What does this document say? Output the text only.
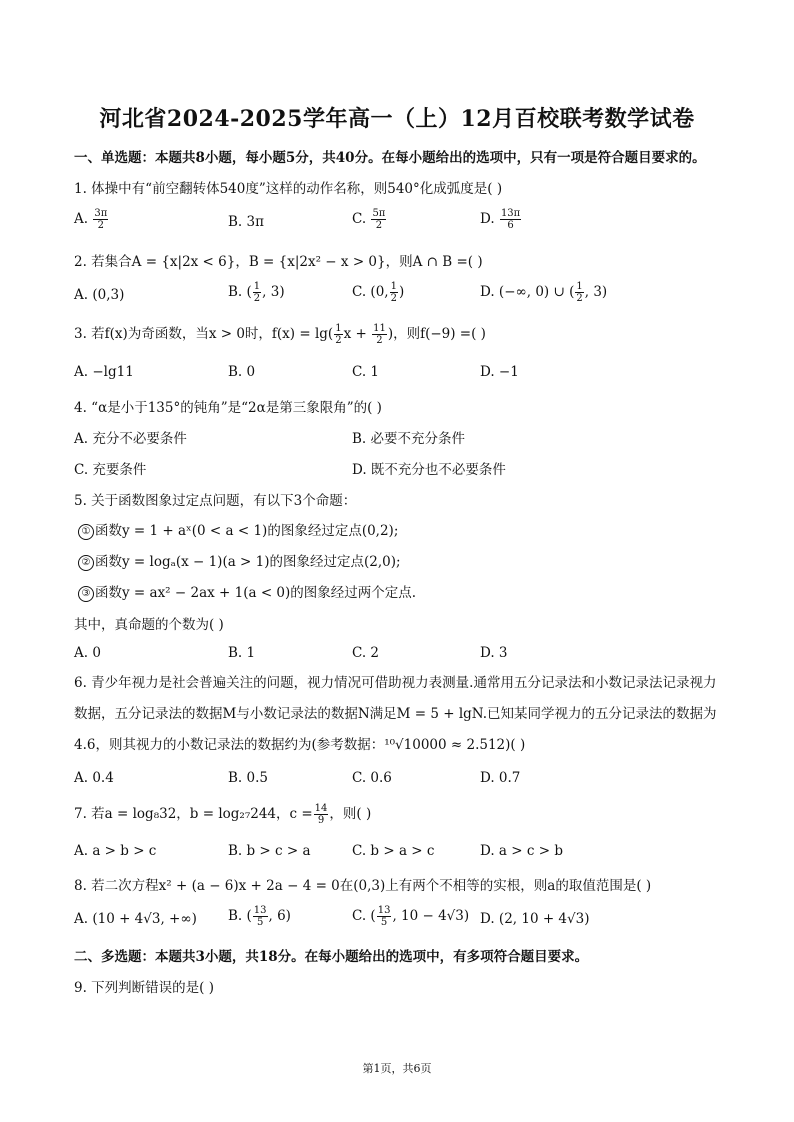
河北省2024-2025学年高一（上）12月百校联考数学试卷
一、单选题：本题共8小题，每小题5分，共40分。在每小题给出的选项中，只有一项是符合题目要求的。
1. 体操中有“前空翻转体540度”这样的动作名称，则540°化成弧度是( )
A. $\frac{3\pi}{2}$	B. 3π	C. $\frac{5\pi}{2}$	D. $\frac{13\pi}{6}$
2. 若集合A = {x|2x < 6}，B = {x|2x² − x > 0}，则A ∩ B =( )
A. (0,3)	B. ( $\frac{1}{2}$ , 3)	C. (0, $\frac{1}{2}$ )	D. (−∞, 0) ∪ ( $\frac{1}{2}$ , 3)
3. 若f(x)为奇函数，当x > 0时，$f(x) = \lg( \frac{1}{2}$ $x + \frac{11}{2}$ )，则f(−9) =( )
A. −lg11	B. 0	C. 1	D. −1
4. “α是小于135°的钝角”是“2α是第三象限角”的( )
A. 充分不必要条件	B. 必要不充分条件
C. 充要条件	D. 既不充分也不必要条件
5. 关于函数图象过定点问题，有以下3个命题：
① 函数y = 1 + aˣ(0 < a < 1)的图象经过定点(0,2);
② 函数y = logₐ(x − 1)(a > 1)的图象经过定点(2,0);
③ 函数y = ax² − 2ax + 1(a < 0)的图象经过两个定点.
其中，真命题的个数为( )
A. 0	B. 1	C. 2	D. 3
6. 青少年视力是社会普遍关注的问题，视力情况可借助视力表测量.通常用五分记录法和小数记录法记录视力数据，五分记录法的数据M与小数记录法的数据N满足M = 5 + lgN.已知某同学视力的五分记录法的数据为4.6，则其视力的小数记录法的数据约为(参考数据：¹⁰√10000 ≈ 2.512)( )
A. 0.4	B. 0.5	C. 0.6	D. 0.7
7. 若a = log₈32，b = log₂₇244，$c = \frac{14}{9}$ ，则( )
A. a > b > c	B. b > c > a	C. b > a > c	D. a > c > b
8. 若二次方程x² + (a − 6)x + 2a − 4 = 0在(0,3)上有两个不相等的实根，则a的取值范围是( )
A. (10 + 4√3, +∞) B. ( $\frac{13}{5}$ , 6)	C. ( $\frac{13}{5}$ , 10 − 4√3) D. (2, 10 + 4√3)
二、多选题：本题共3小题，共18分。在每小题给出的选项中，有多项符合题目要求。
9. 下列判断错误的是( )
第1页，共6页
